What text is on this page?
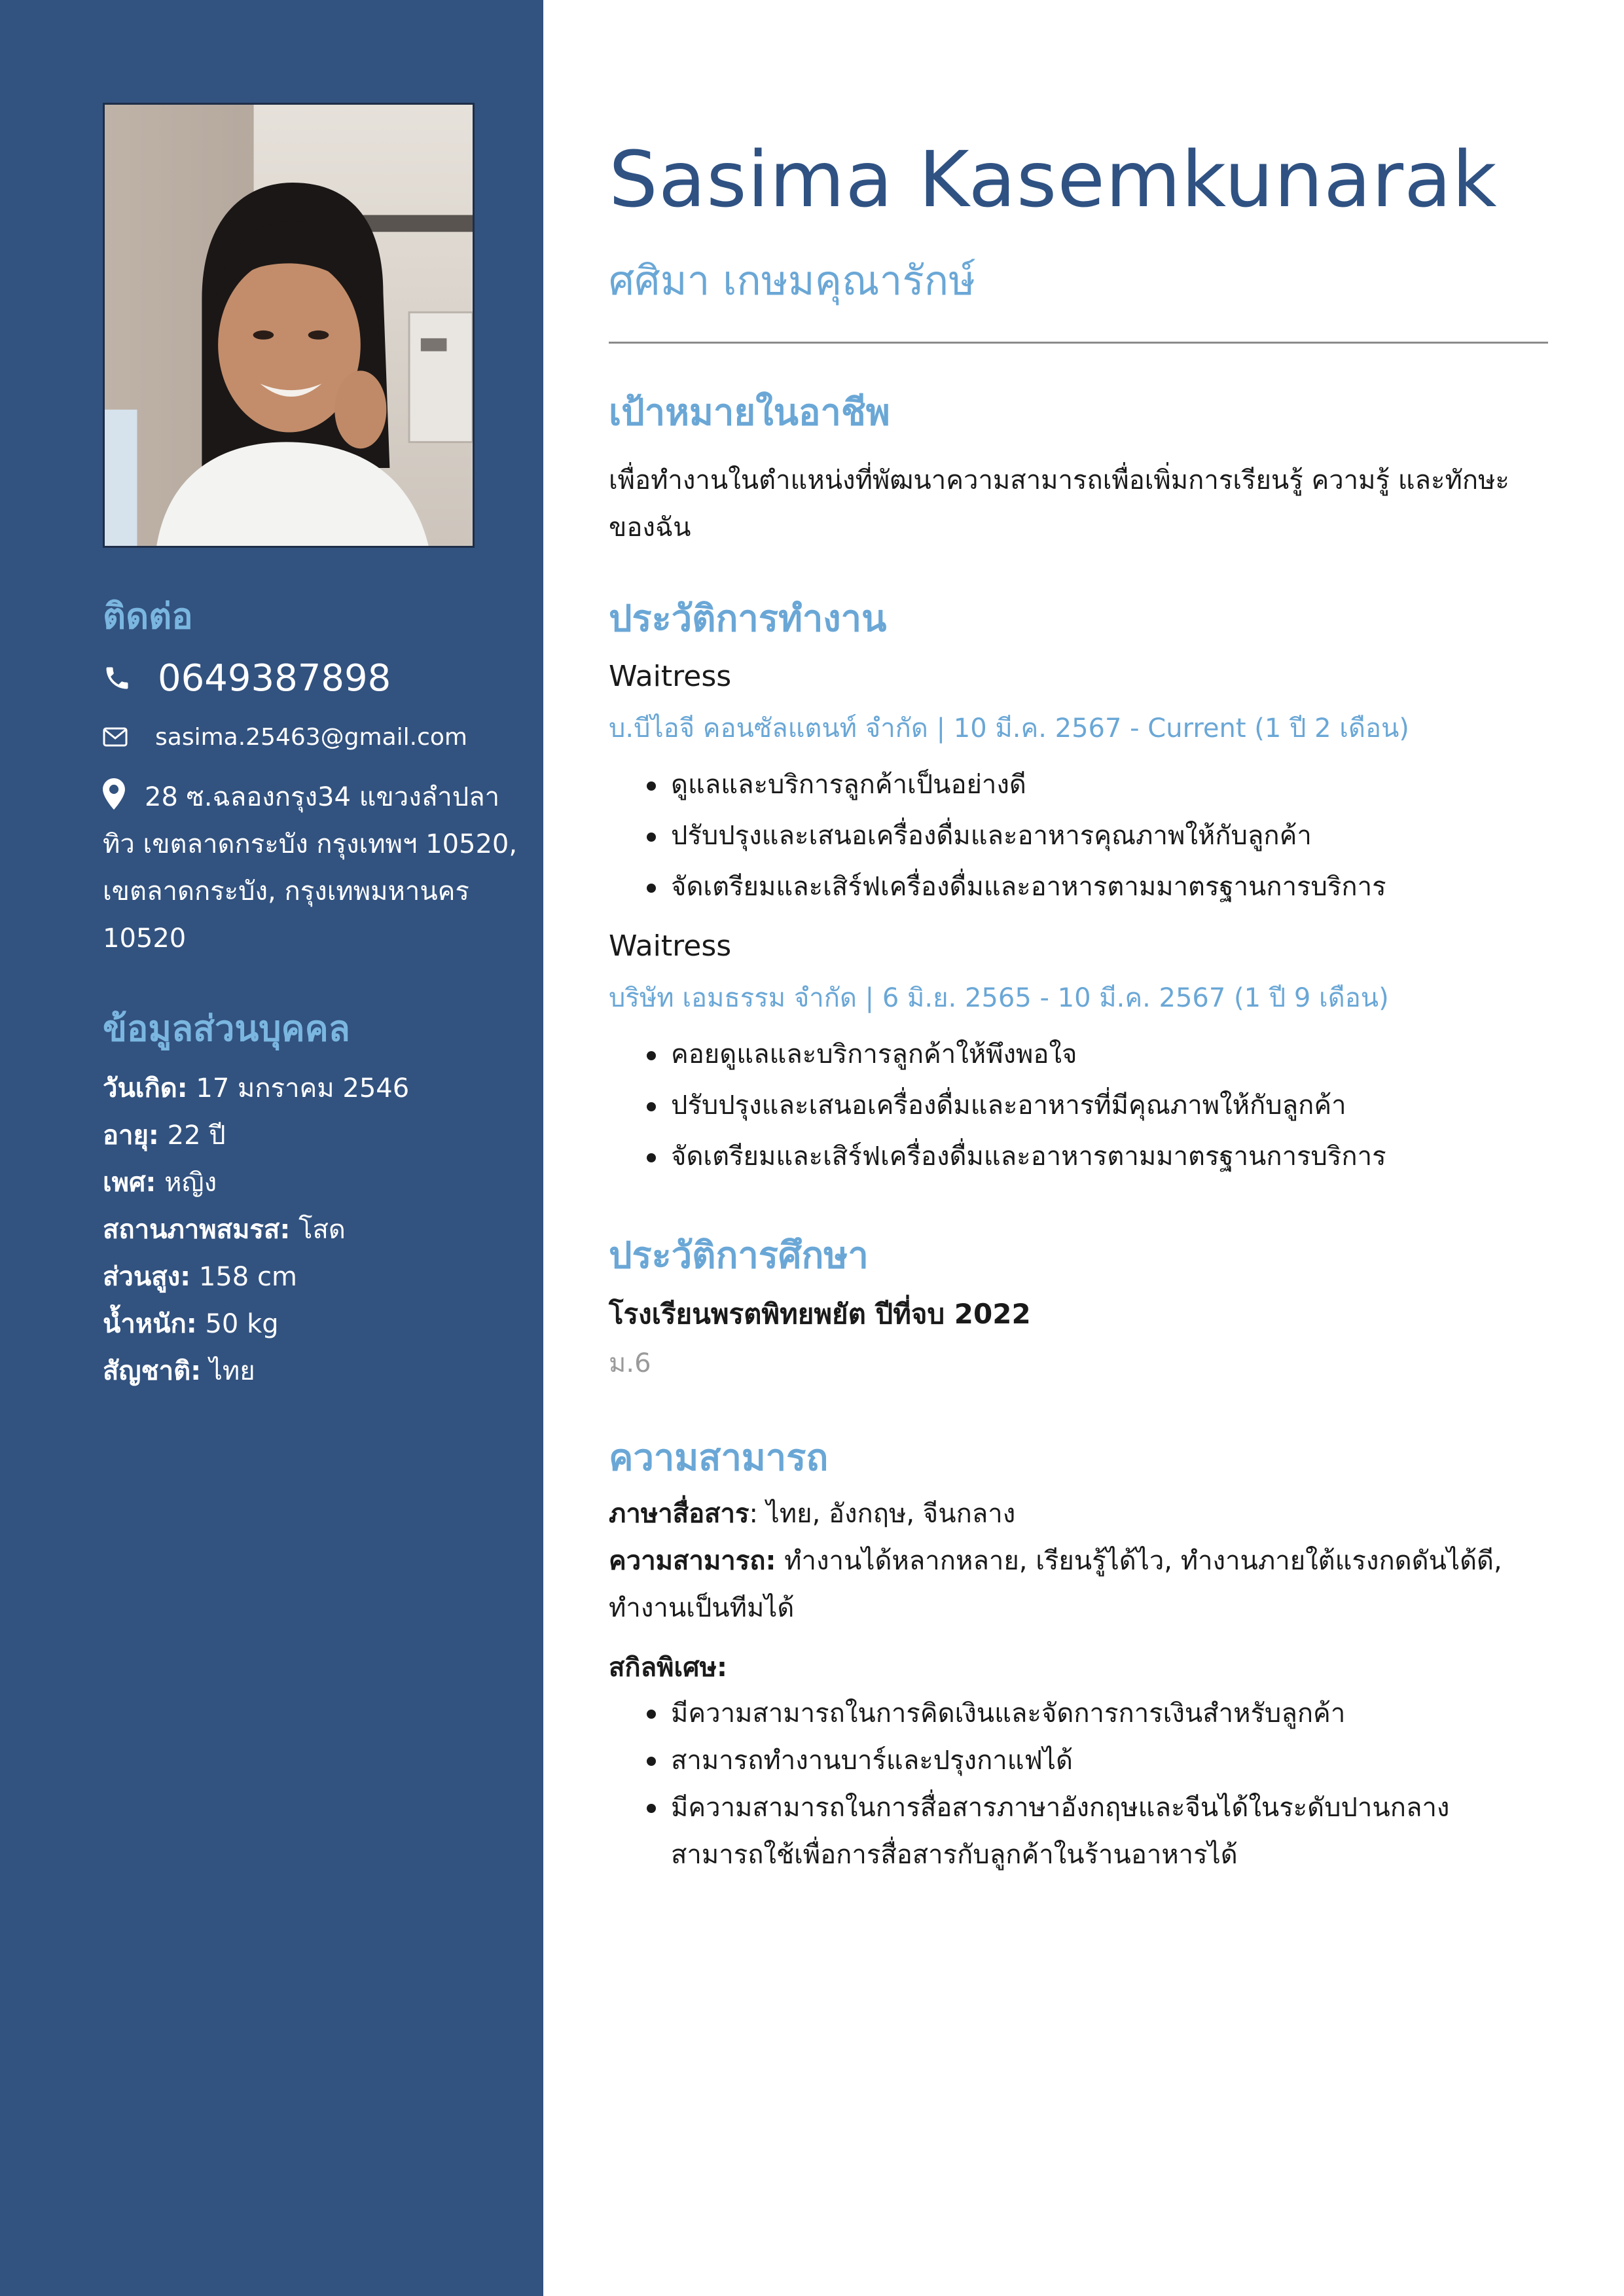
ติดต่อ
0649387898
sasima.25463@gmail.com
28 ซ.ฉลองกรุง34 แขวงลำปลาทิว เขตลาดกระบัง กรุงเทพฯ 10520, เขตลาดกระบัง, กรุงเทพมหานคร 10520
ข้อมูลส่วนบุคคล
วันเกิด: 17 มกราคม 2546
อายุ: 22 ปี
เพศ: หญิง
สถานภาพสมรส: โสด
ส่วนสูง: 158 cm
น้ำหนัก: 50 kg
สัญชาติ: ไทย
Sasima Kasemkunarak
ศศิมา เกษมคุณารักษ์
เป้าหมายในอาชีพ
เพื่อทำงานในตำแหน่งที่พัฒนาความสามารถเพื่อเพิ่มการเรียนรู้ ความรู้ และทักษะของฉัน
ประวัติการทำงาน
Waitress
บ.บีไอจี คอนซัลแตนท์ จำกัด | 10 มี.ค. 2567 - Current (1 ปี 2 เดือน)
ดูแลและบริการลูกค้าเป็นอย่างดี
ปรับปรุงและเสนอเครื่องดื่มและอาหารคุณภาพให้กับลูกค้า
จัดเตรียมและเสิร์ฟเครื่องดื่มและอาหารตามมาตรฐานการบริการ
Waitress
บริษัท เอมธรรม จำกัด | 6 มิ.ย. 2565 - 10 มี.ค. 2567 (1 ปี 9 เดือน)
คอยดูแลและบริการลูกค้าให้พึงพอใจ
ปรับปรุงและเสนอเครื่องดื่มและอาหารที่มีคุณภาพให้กับลูกค้า
จัดเตรียมและเสิร์ฟเครื่องดื่มและอาหารตามมาตรฐานการบริการ
ประวัติการศึกษา
โรงเรียนพรตพิทยพยัต ปีที่จบ 2022
ม.6
ความสามารถ
ภาษาสื่อสาร: ไทย, อังกฤษ, จีนกลาง
ความสามารถ: ทำงานได้หลากหลาย, เรียนรู้ได้ไว, ทำงานภายใต้แรงกดดันได้ดี, ทำงานเป็นทีมได้
สกิลพิเศษ:
มีความสามารถในการคิดเงินและจัดการการเงินสำหรับลูกค้า
สามารถทำงานบาร์และปรุงกาแฟได้
มีความสามารถในการสื่อสารภาษาอังกฤษและจีนได้ในระดับปานกลาง สามารถใช้เพื่อการสื่อสารกับลูกค้าในร้านอาหารได้
